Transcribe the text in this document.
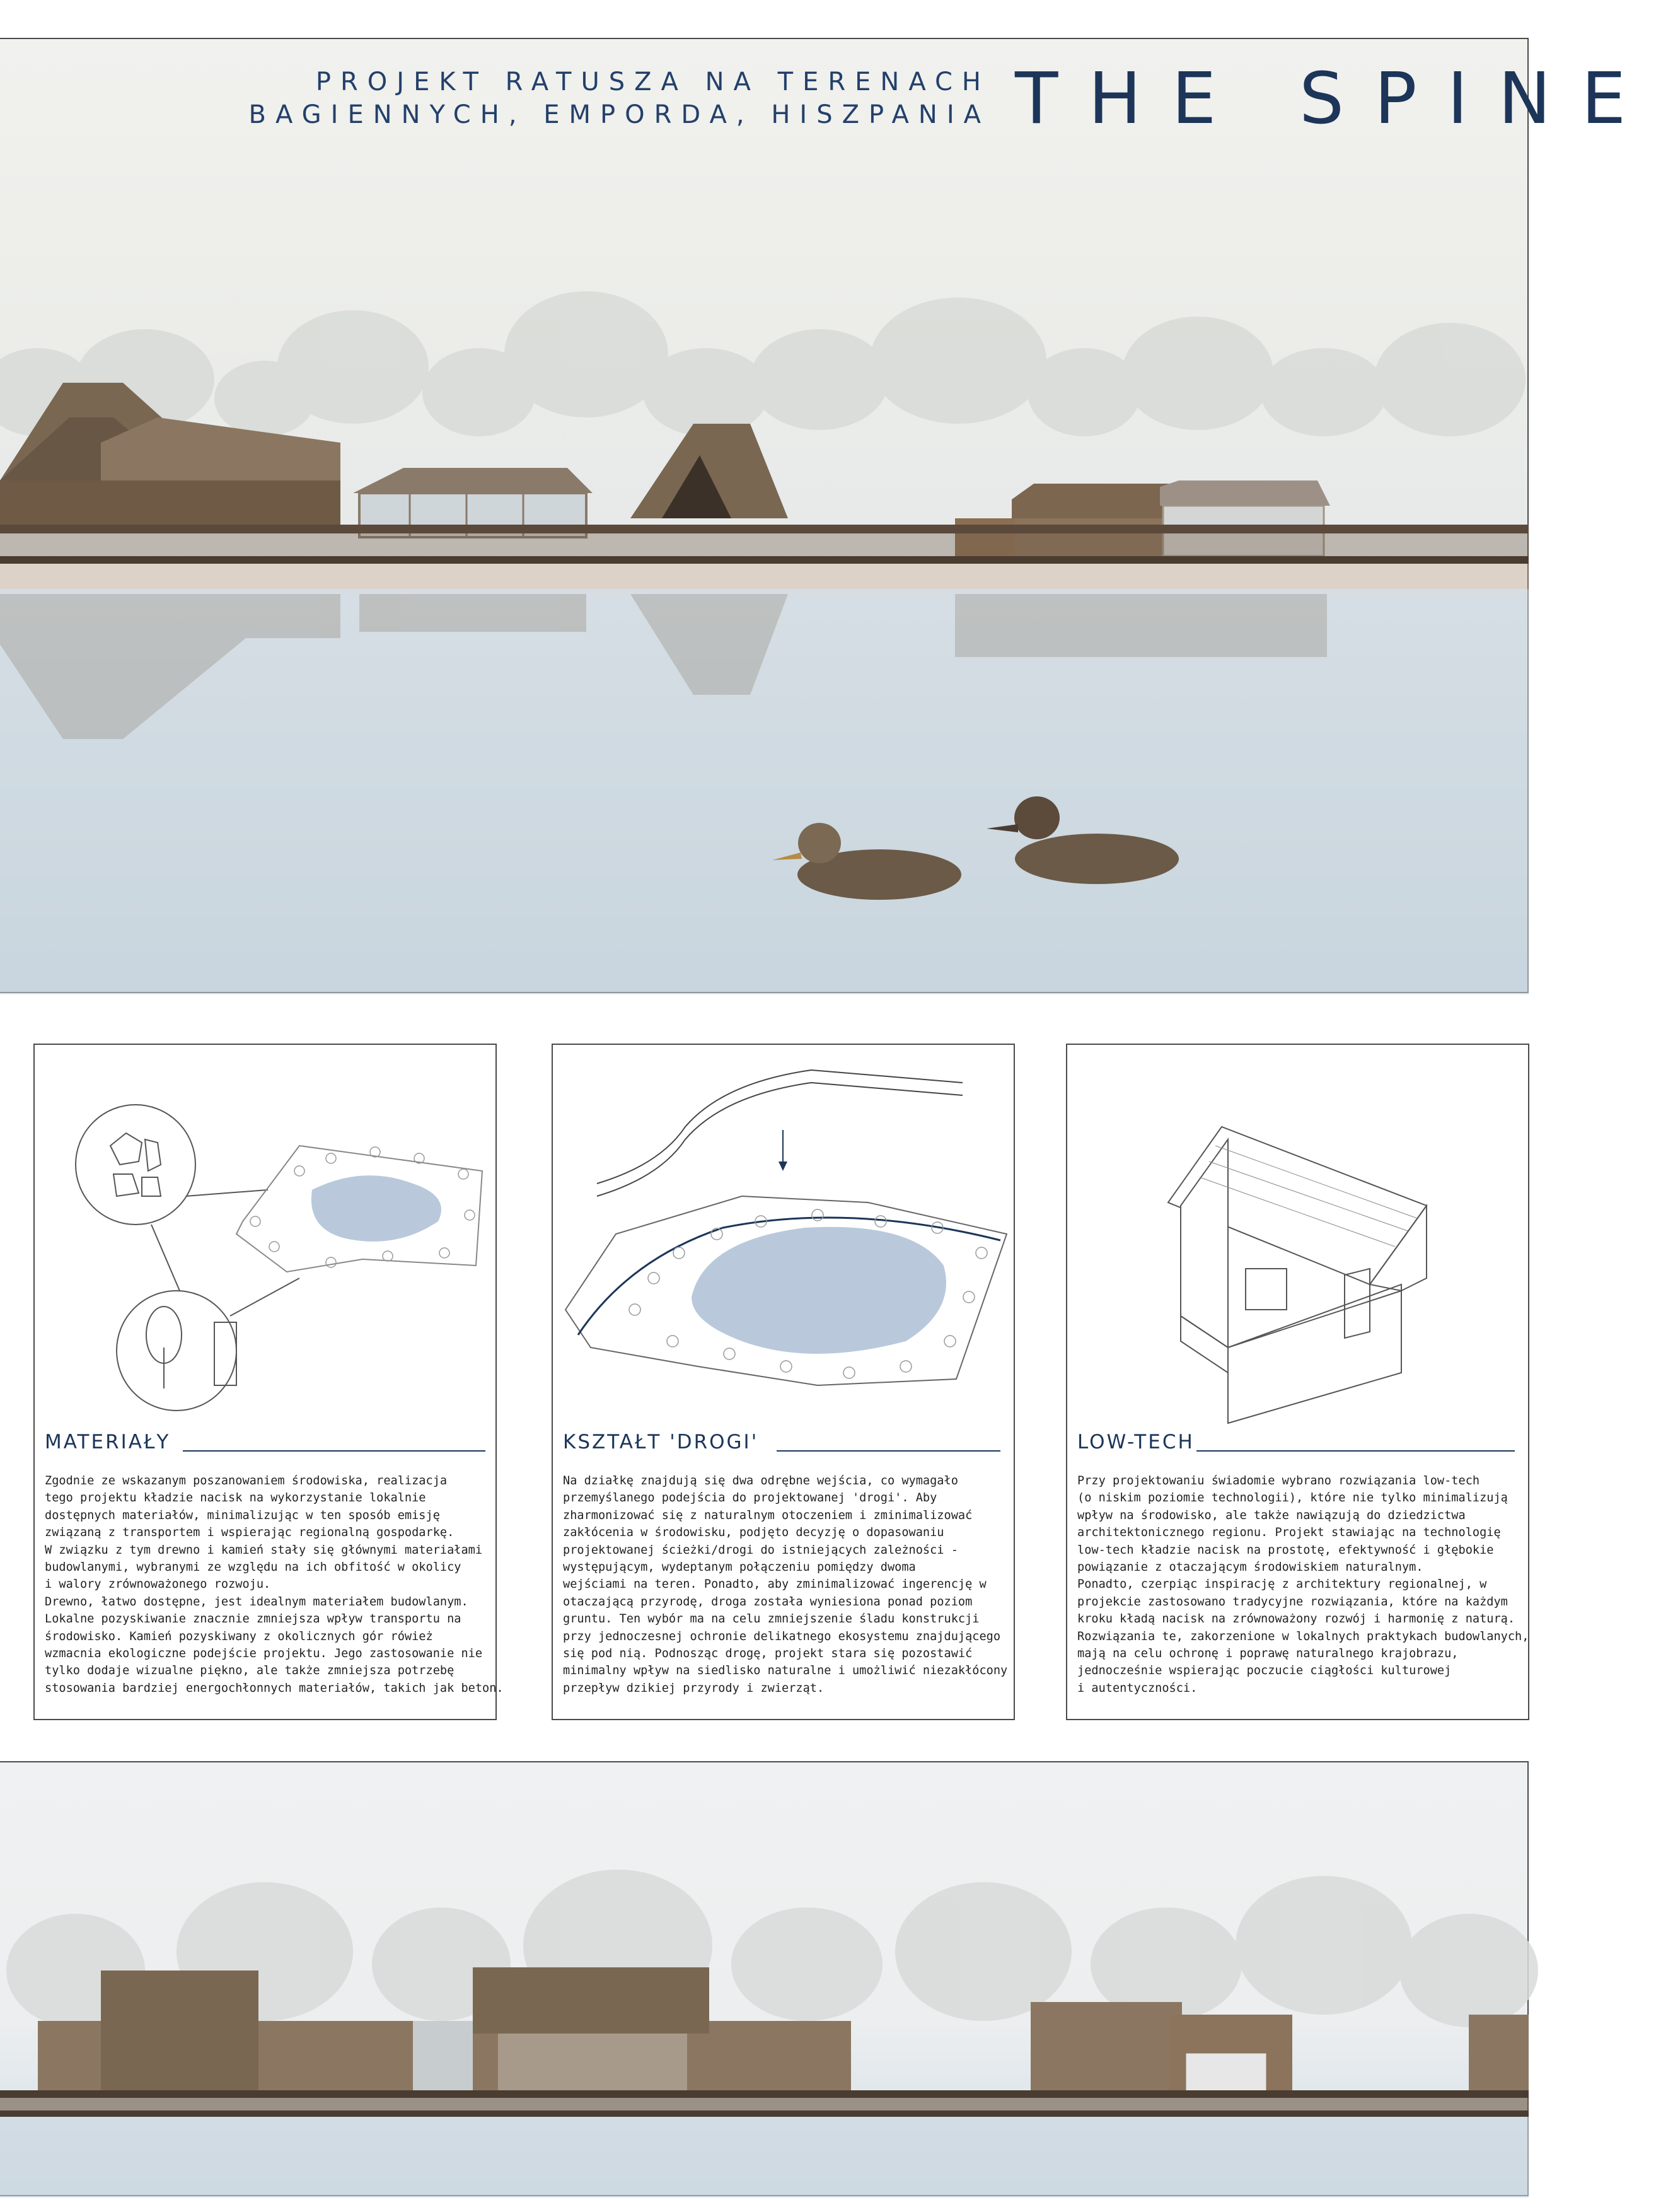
PROJEKT RATUSZA NA TERENACH
BAGIENNYCH, EMPORDA, HISZPANIA THE SPINE
MATERIAŁY
Zgodnie ze wskazanym poszanowaniem środowiska, realizacja
tego projektu kładzie nacisk na wykorzystanie lokalnie
dostępnych materiałów, minimalizując w ten sposób emisję
związaną z transportem i wspierając regionalną gospodarkę.
W związku z tym drewno i kamień stały się głównymi materiałami
budowlanymi, wybranymi ze względu na ich obfitość w okolicy
i walory zrównoważonego rozwoju.
Drewno, łatwo dostępne, jest idealnym materiałem budowlanym.
Lokalne pozyskiwanie znacznie zmniejsza wpływ transportu na
środowisko. Kamień pozyskiwany z okolicznych gór rówież
wzmacnia ekologiczne podejście projektu. Jego zastosowanie nie
tylko dodaje wizualne piękno, ale także zmniejsza potrzebę
stosowania bardziej energochłonnych materiałów, takich jak beton.
KSZTAŁT 'DROGI'
Na działkę znajdują się dwa odrębne wejścia, co wymagało
przemyślanego podejścia do projektowanej 'drogi'. Aby
zharmonizować się z naturalnym otoczeniem i zminimalizować
zakłócenia w środowisku, podjęto decyzję o dopasowaniu
projektowanej ścieżki/drogi do istniejących zależności -
występującym, wydeptanym połączeniu pomiędzy dwoma
wejściami na teren. Ponadto, aby zminimalizować ingerencję w
otaczającą przyrodę, droga została wyniesiona ponad poziom
gruntu. Ten wybór ma na celu zmniejszenie śladu konstrukcji
przy jednoczesnej ochronie delikatnego ekosystemu znajdującego
się pod nią. Podnosząc drogę, projekt stara się pozostawić
minimalny wpływ na siedlisko naturalne i umożliwić niezakłócony
przepływ dzikiej przyrody i zwierząt.
LOW-TECH
Przy projektowaniu świadomie wybrano rozwiązania low-tech
(o niskim poziomie technologii), które nie tylko minimalizują
wpływ na środowisko, ale także nawiązują do dziedzictwa
architektonicznego regionu. Projekt stawiając na technologię
low-tech kładzie nacisk na prostotę, efektywność i głębokie
powiązanie z otaczającym środowiskiem naturalnym.
Ponadto, czerpiąc inspirację z architektury regionalnej, w
projekcie zastosowano tradycyjne rozwiązania, które na każdym
kroku kładą nacisk na zrównoważony rozwój i harmonię z naturą.
Rozwiązania te, zakorzenione w lokalnych praktykach budowlanych,
mają na celu ochronę i poprawę naturalnego krajobrazu,
jednocześnie wspierając poczucie ciągłości kulturowej
i autentyczności.
